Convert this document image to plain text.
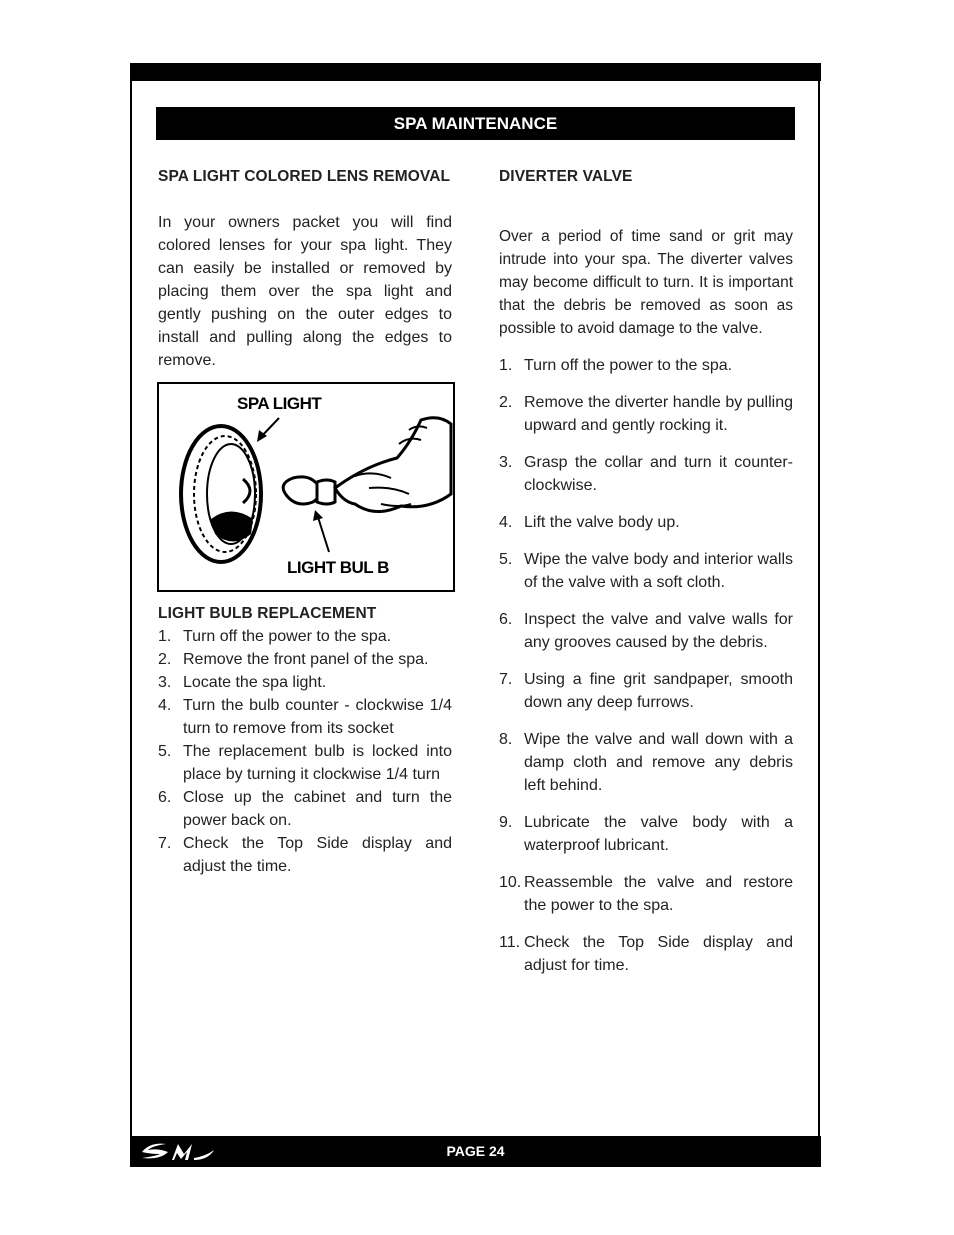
SPA MAINTENANCE

SPA LIGHT COLORED LENS REMOVAL

In your owners packet you will find colored lenses for your spa light. They can easily be installed or removed by placing them over the spa light and gently pushing on the outer edges to install and pulling along the edges to remove.

SPA LIGHT
LIGHT BUL B

LIGHT BULB REPLACEMENT

1. Turn off the power to the spa.
2. Remove the front panel of the spa.
3. Locate the spa light.
4. Turn the bulb counter - clockwise 1/4 turn to remove from its socket
5. The replacement bulb is locked into place by turning it clockwise 1/4 turn
6. Close up the cabinet and turn the power back on.
7. Check the Top Side display and adjust the time.

DIVERTER VALVE

Over a period of time sand or grit may intrude into your spa. The diverter valves may become difficult to turn. It is important that the debris be removed as soon as possible to avoid damage to the valve.

1. Turn off the power to the spa.
2. Remove the diverter handle by pulling upward and gently rocking it.
3. Grasp the collar and turn it counter-clockwise.
4. Lift the valve body up.
5. Wipe the valve body and interior walls of the valve with a soft cloth.
6. Inspect the valve and valve walls for any grooves caused by the debris.
7. Using a fine grit sandpaper, smooth down any deep furrows.
8. Wipe the valve and wall down with a damp cloth and remove any debris left behind.
9. Lubricate the valve body with a waterproof lubricant.
10. Reassemble the valve and restore the power to the spa.
11. Check the Top Side display and adjust for time.
PAGE 24
